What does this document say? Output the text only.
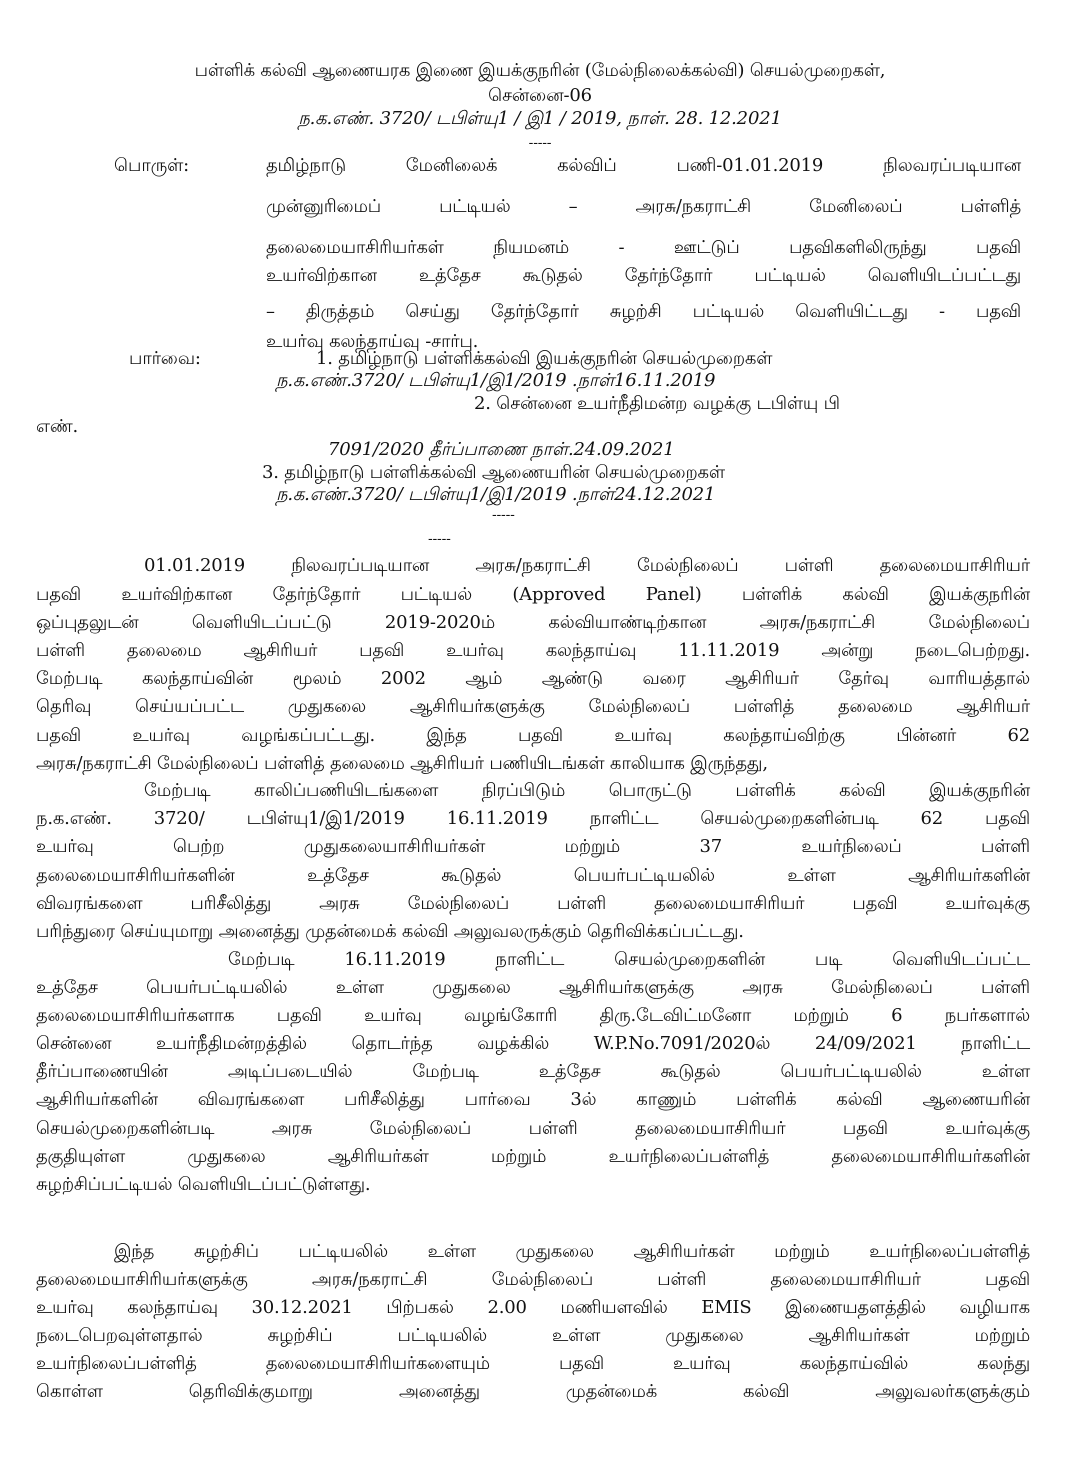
பள்ளிக் கல்வி ஆணையரக இணை இயக்குநரின் (மேல்நிலைக்கல்வி) செயல்முறைகள்,
சென்னை-06
ந.க.எண். 3720/ டபிள்யு1 / இ1 / 2019, நாள். 28. 12.2021
-----
பொருள்:	தமிழ்நாடு மேனிலைக் கல்விப் பணி-01.01.2019 நிலவரப்படியான
முன்னுரிமைப் பட்டியல் – அரசு/நகராட்சி மேனிலைப் பள்ளித்
தலைமையாசிரியர்கள் நியமனம் - ஊட்டுப் பதவிகளிலிருந்து பதவி
உயர்விற்கான உத்தேச கூடுதல் தேர்ந்தோர் பட்டியல் வெளியிடப்பட்டது
– திருத்தம் செய்து தேர்ந்தோர் சுழற்சி பட்டியல் வெளியிட்டது - பதவி
உயர்வு கலந்தாய்வு -சார்பு.
பார்வை:	1. தமிழ்நாடு பள்ளிக்கல்வி இயக்குநரின் செயல்முறைகள்
ந.க.எண்.3720/ டபிள்யு1/இ1/2019 .நாள்16.11.2019
2. சென்னை உயர்நீதிமன்ற வழக்கு டபிள்யு பி
எண்.
7091/2020 தீர்ப்பாணை நாள்.24.09.2021
3. தமிழ்நாடு பள்ளிக்கல்வி ஆணையரின் செயல்முறைகள்
ந.க.எண்.3720/ டபிள்யு1/இ1/2019 .நாள்24.12.2021
-----
-----
01.01.2019 நிலவரப்படியான அரசு/நகராட்சி மேல்நிலைப் பள்ளி தலைமையாசிரியர்
பதவி உயர்விற்கான தேர்ந்தோர் பட்டியல் (Approved Panel) பள்ளிக் கல்வி இயக்குநரின்
ஒப்புதலுடன் வெளியிடப்பட்டு 2019-2020ம் கல்வியாண்டிற்கான அரசு/நகராட்சி மேல்நிலைப்
பள்ளி தலைமை ஆசிரியர் பதவி உயர்வு கலந்தாய்வு 11.11.2019 அன்று நடைபெற்றது.
மேற்படி கலந்தாய்வின் மூலம் 2002 ஆம் ஆண்டு வரை ஆசிரியர் தேர்வு வாரியத்தால்
தெரிவு செய்யப்பட்ட முதுகலை ஆசிரியர்களுக்கு மேல்நிலைப் பள்ளித் தலைமை ஆசிரியர்
பதவி உயர்வு வழங்கப்பட்டது. இந்த பதவி உயர்வு கலந்தாய்விற்கு பின்னர் 62
அரசு/நகராட்சி மேல்நிலைப் பள்ளித் தலைமை ஆசிரியர் பணியிடங்கள் காலியாக இருந்தது,
மேற்படி காலிப்பணியிடங்களை நிரப்பிடும் பொருட்டு பள்ளிக் கல்வி இயக்குநரின்
ந.க.எண். 3720/ டபிள்யு1/இ1/2019 16.11.2019 நாளிட்ட செயல்முறைகளின்படி 62 பதவி
உயர்வு பெற்ற முதுகலையாசிரியர்கள் மற்றும் 37 உயர்நிலைப் பள்ளி
தலைமையாசிரியர்களின் உத்தேச கூடுதல் பெயர்பட்டியலில் உள்ள ஆசிரியர்களின்
விவரங்களை பரிசீலித்து அரசு மேல்நிலைப் பள்ளி தலைமையாசிரியர் பதவி உயர்வுக்கு
பரிந்துரை செய்யுமாறு அனைத்து முதன்மைக் கல்வி அலுவலருக்கும் தெரிவிக்கப்பட்டது.
மேற்படி 16.11.2019 நாளிட்ட செயல்முறைகளின் படி வெளியிடப்பட்ட
உத்தேச பெயர்பட்டியலில் உள்ள முதுகலை ஆசிரியர்களுக்கு அரசு மேல்நிலைப் பள்ளி
தலைமையாசிரியர்களாக பதவி உயர்வு வழங்கோரி திரு.டேவிட்மனோ மற்றும் 6 நபர்களால்
சென்னை உயர்நீதிமன்றத்தில் தொடர்ந்த வழக்கில் W.P.No.7091/2020ல் 24/09/2021 நாளிட்ட
தீர்ப்பாணையின் அடிப்படையில் மேற்படி உத்தேச கூடுதல் பெயர்பட்டியலில் உள்ள
ஆசிரியர்களின் விவரங்களை பரிசீலித்து பார்வை 3ல் காணும் பள்ளிக் கல்வி ஆணையரின்
செயல்முறைகளின்படி அரசு மேல்நிலைப் பள்ளி தலைமையாசிரியர் பதவி உயர்வுக்கு
தகுதியுள்ள முதுகலை ஆசிரியர்கள் மற்றும் உயர்நிலைப்பள்ளித் தலைமையாசிரியர்களின்
சுழற்சிப்பட்டியல் வெளியிடப்பட்டுள்ளது.
இந்த சுழற்சிப் பட்டியலில் உள்ள முதுகலை ஆசிரியர்கள் மற்றும் உயர்நிலைப்பள்ளித்
தலைமையாசிரியர்களுக்கு அரசு/நகராட்சி மேல்நிலைப் பள்ளி தலைமையாசிரியர் பதவி
உயர்வு கலந்தாய்வு 30.12.2021 பிற்பகல் 2.00 மணியளவில் EMIS இணையதளத்தில் வழியாக
நடைபெறவுள்ளதால் சுழற்சிப் பட்டியலில் உள்ள முதுகலை ஆசிரியர்கள் மற்றும்
உயர்நிலைப்பள்ளித் தலைமையாசிரியர்களையும் பதவி உயர்வு கலந்தாய்வில் கலந்து
கொள்ள தெரிவிக்குமாறு அனைத்து முதன்மைக் கல்வி அலுவலர்களுக்கும்
